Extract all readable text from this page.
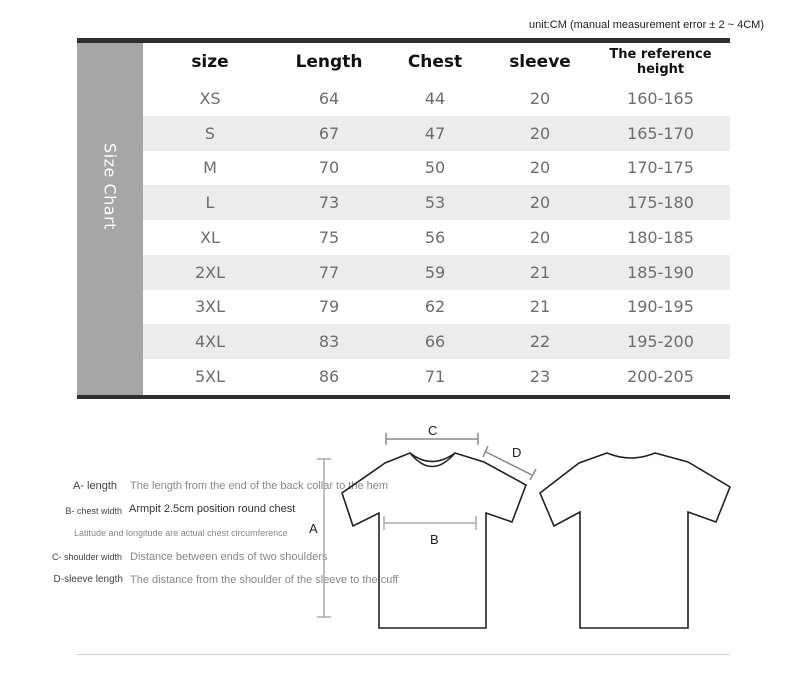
unit:CM (manual measurement error ± 2 ~ 4CM)
Size Chart
size	Length	Chest	sleeve	The reference height
XS	64	44	20	160-165
S	67	47	20	165-170
M	70	50	20	170-175
L	73	53	20	175-180
XL	75	56	20	180-185
2XL	77	59	21	185-190
3XL	79	62	21	190-195
4XL	83	66	22	195-200
5XL	86	71	23	200-205
A- length The length from the end of the back collar to the hem
B- chest width Armpit 2.5cm position round chest
Latitude and longitude are actual chest circumference
C- shoulder width Distance between ends of two shoulders
D-sleeve length The distance from the shoulder of the sleeve to the cuff
C
D
A
B
